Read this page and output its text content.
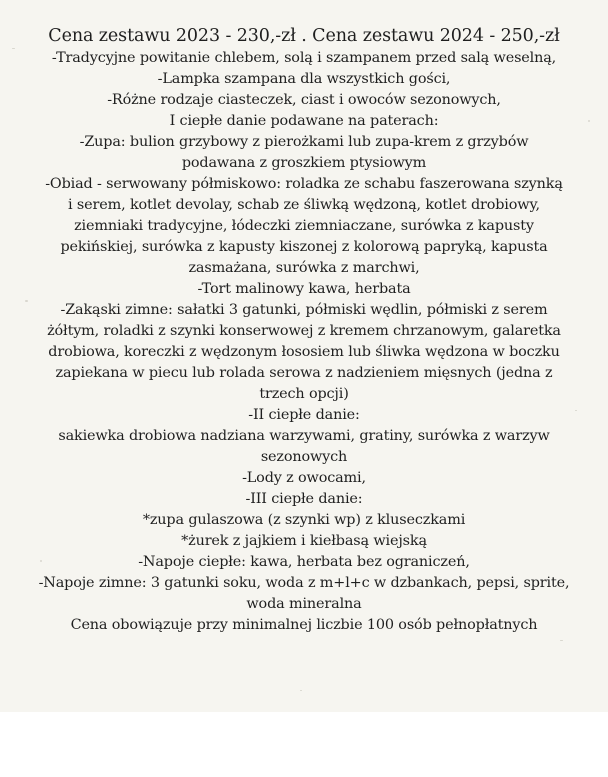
Cena zestawu 2023 - 230,-zł . Cena zestawu 2024 - 250,-zł
-Tradycyjne powitanie chlebem, solą i szampanem przed salą weselną,
-Lampka szampana dla wszystkich gości,
-Różne rodzaje ciasteczek, ciast i owoców sezonowych,
I ciepłe danie podawane na paterach:
-Zupa: bulion grzybowy z pierożkami lub zupa-krem z grzybów
podawana z groszkiem ptysiowym
-Obiad - serwowany półmiskowo: roladka ze schabu faszerowana szynką
i serem, kotlet devolay, schab ze śliwką wędzoną, kotlet drobiowy,
ziemniaki tradycyjne, łódeczki ziemniaczane, surówka z kapusty
pekińskiej, surówka z kapusty kiszonej z kolorową papryką, kapusta
zasmażana, surówka z marchwi,
-Tort malinowy kawa, herbata
-Zakąski zimne: sałatki 3 gatunki, półmiski wędlin, półmiski z serem
żółtym, roladki z szynki konserwowej z kremem chrzanowym, galaretka
drobiowa, koreczki z wędzonym łososiem lub śliwka wędzona w boczku
zapiekana w piecu lub rolada serowa z nadzieniem mięsnych (jedna z
trzech opcji)
-II ciepłe danie:
sakiewka drobiowa nadziana warzywami, gratiny, surówka z warzyw
sezonowych
-Lody z owocami,
-III ciepłe danie:
*zupa gulaszowa (z szynki wp) z kluseczkami
*żurek z jajkiem i kiełbasą wiejską
-Napoje ciepłe: kawa, herbata bez ograniczeń,
-Napoje zimne: 3 gatunki soku, woda z m+l+c w dzbankach, pepsi, sprite,
woda mineralna
Cena obowiązuje przy minimalnej liczbie 100 osób pełnopłatnych
